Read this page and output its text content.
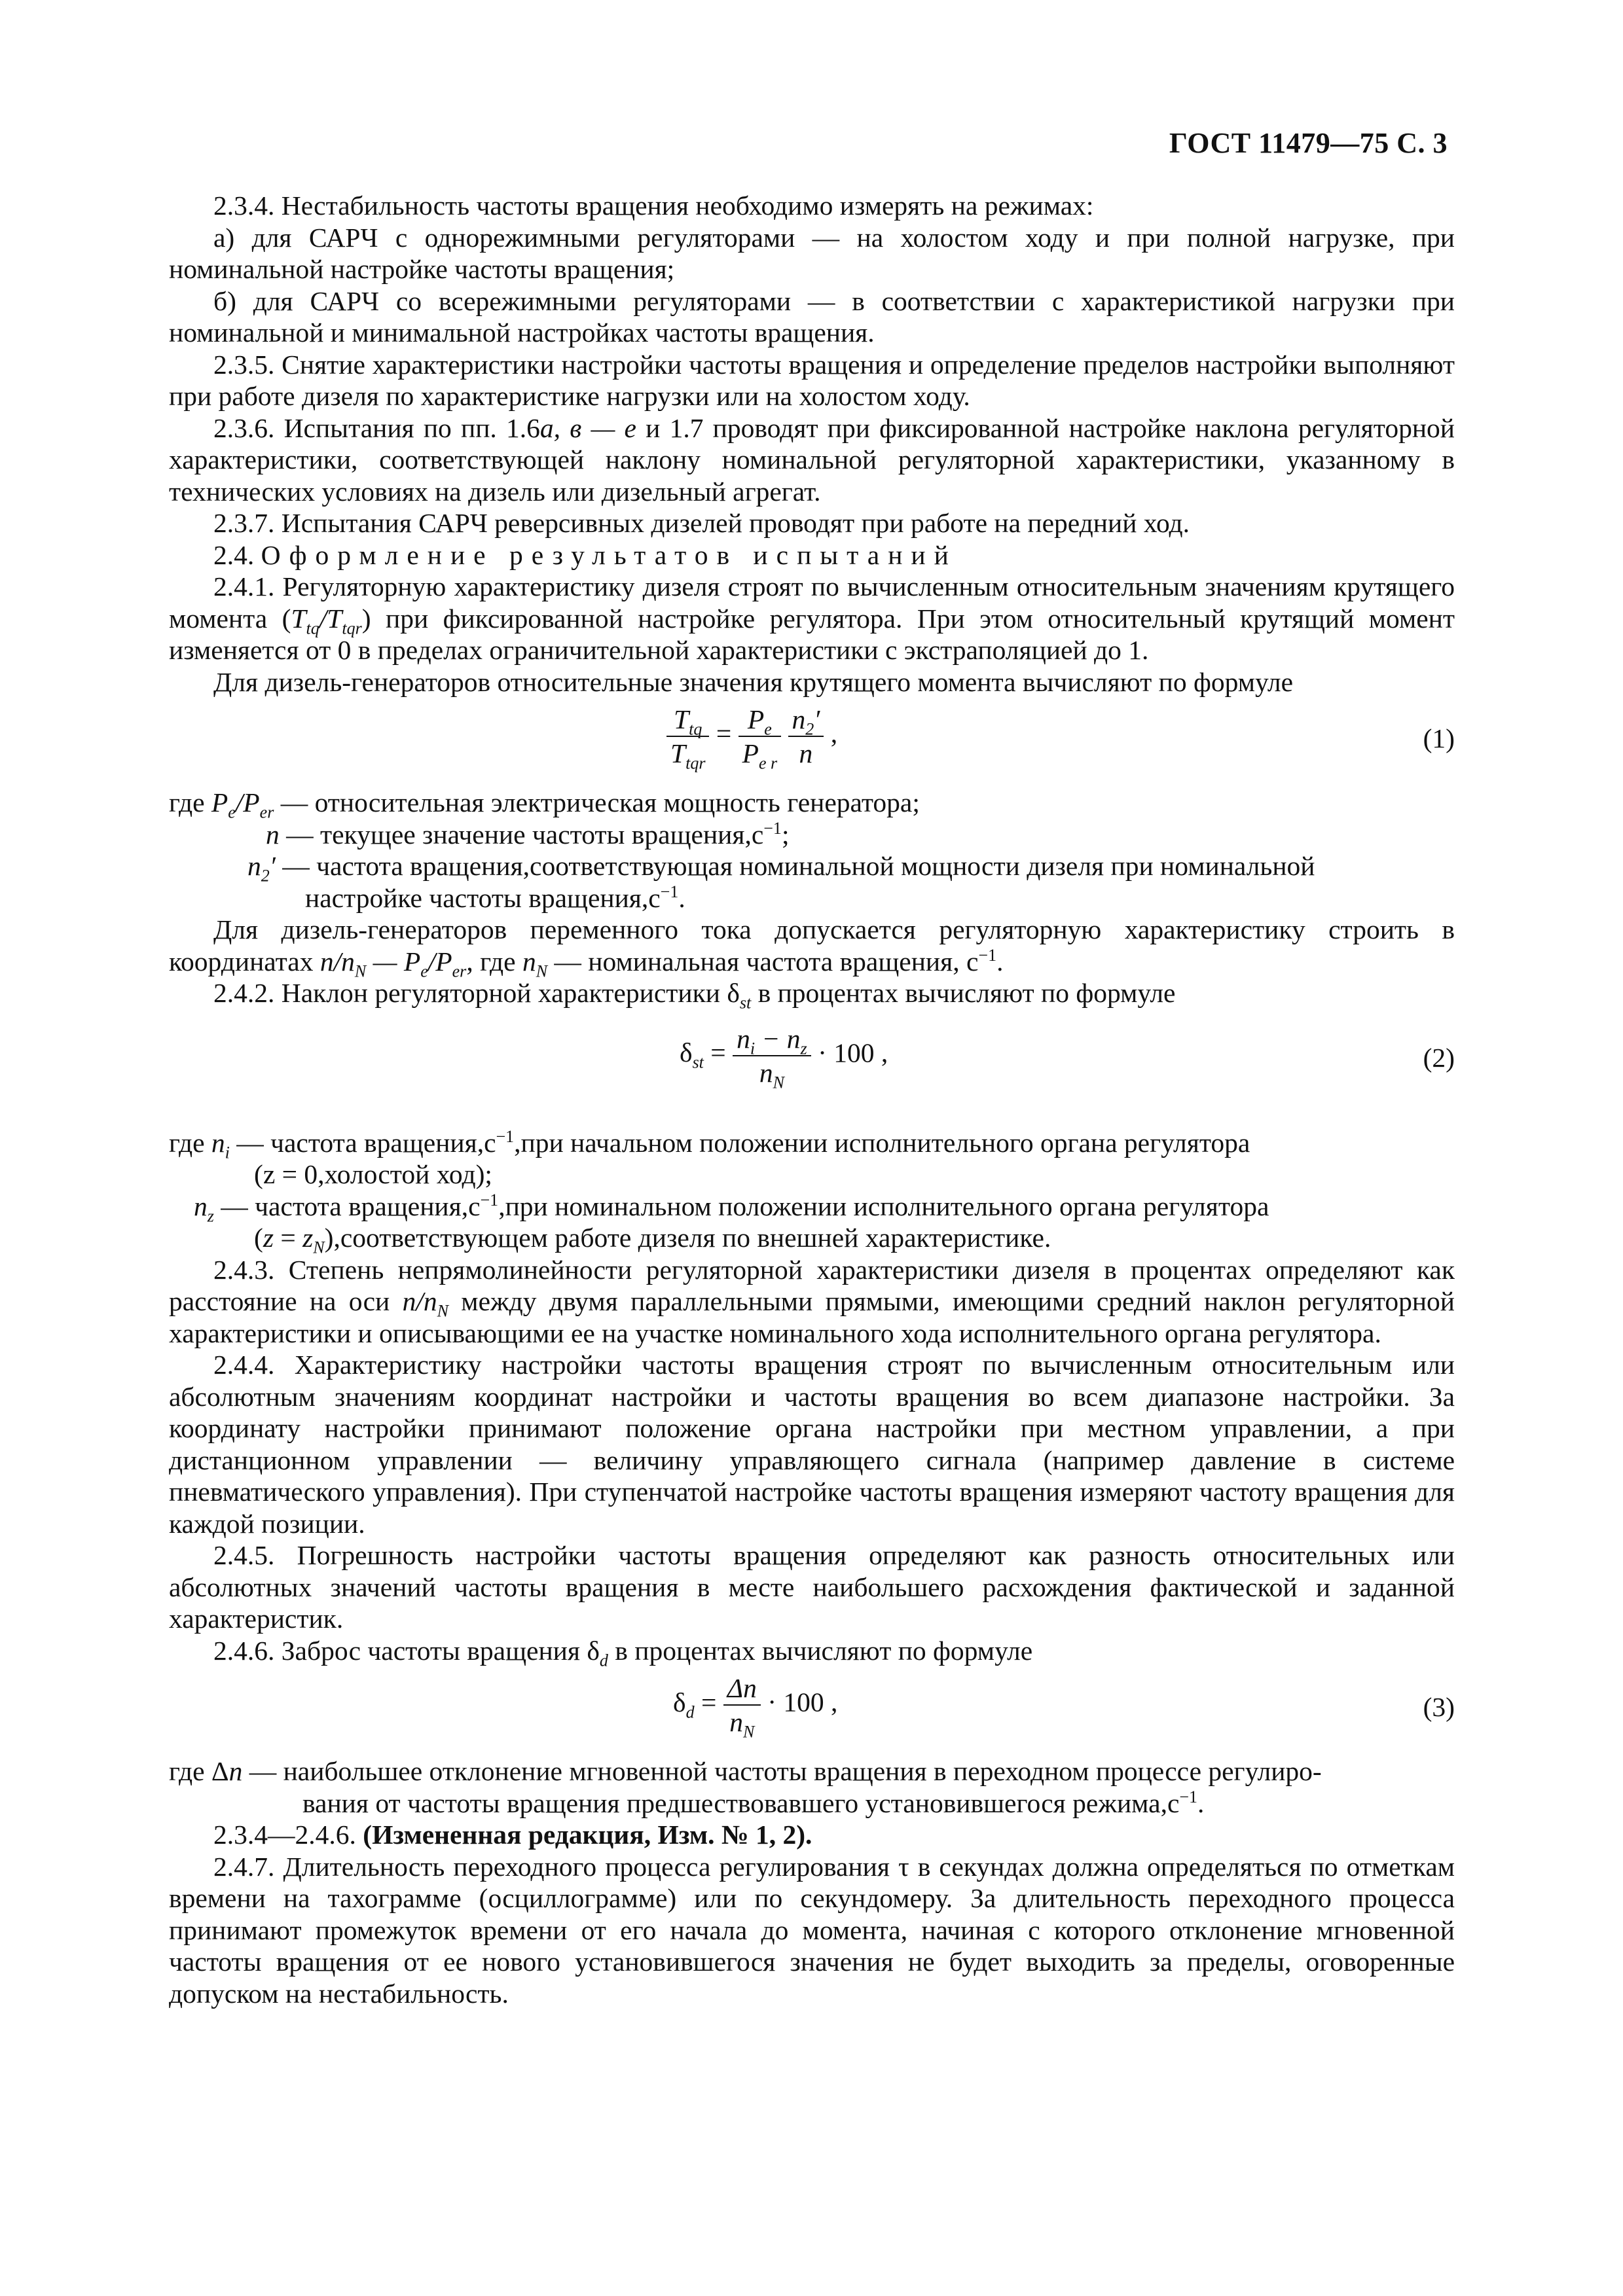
ГОСТ 11479—75 С. 3

2.3.4. Нестабильность частоты вращения необходимо измерять на режимах:

а) для САРЧ с однорежимными регуляторами — на холостом ходу и при полной нагрузке, при номинальной настройке частоты вращения;

б) для САРЧ со всережимными регуляторами — в соответствии с характеристикой нагрузки при номинальной и минимальной настройках частоты вращения.

2.3.5. Снятие характеристики настройки частоты вращения и определение пределов настройки выполняют при работе дизеля по характеристике нагрузки или на холостом ходу.

2.3.6. Испытания по пп. 1.6а, в — е и 1.7 проводят при фиксированной настройке наклона регуляторной характеристики, соответствующей наклону номинальной регуляторной характеристики, указанному в технических условиях на дизель или дизельный агрегат.

2.3.7. Испытания САРЧ реверсивных дизелей проводят при работе на передний ход.

2.4. Оформление результатов испытаний

2.4.1. Регуляторную характеристику дизеля строят по вычисленным относительным значениям крутящего момента $(T_{tq}/T_{tqr})$ при фиксированной настройке регулятора. При этом относительный крутящий момент изменяется от 0 в пределах ограничительной характеристики с экстраполяцией до 1.

Для дизель-генераторов относительные значения крутящего момента вычисляют по формуле

$\frac{T_{tq}}{T_{tqr}} = \frac{P_e}{P_{e r}}$
$\frac{n_2'}{n}$ ,	(1)

где $P_e/P_{er}$ — относительная электрическая мощность генератора;

n — текущее значение частоты $вращения,с^{-1}$;

$n_2'$ — частота вращения,соответствующая номинальной мощности дизеля при номинальной

настройке частоты $вращения,с^{-1}$.

Для дизель-генераторов переменного тока допускается регуляторную характеристику строить в координатах $n/n_N$ — $P_e/P_{er}$, где $n_N$ — номинальная частота вращения, $с^{-1}$.

2.4.2. Наклон регуляторной характеристики $\delta_{st}$ в процентах вычисляют по формуле

$\delta_{st} = \frac{n_i - n_z}{n_N} \cdot 100$ ,	(2)

где $n_i$ — частота $вращения,с^{-1},при$ начальном положении исполнительного органа регулятора

(z = 0,холостой ход);

$n_z$ — частота $вращения,с^{-1},при$ номинальном положении исполнительного органа регулятора

$(z = z_N),соответствующем$ работе дизеля по внешней характеристике.

2.4.3. Степень непрямолинейности регуляторной характеристики дизеля в процентах определяют как расстояние на оси $n/n_N$ между двумя параллельными прямыми, имеющими средний наклон регуляторной характеристики и описывающими ее на участке номинального хода исполнительного органа регулятора.

2.4.4. Характеристику настройки частоты вращения строят по вычисленным относительным или абсолютным значениям координат настройки и частоты вращения во всем диапазоне настройки. За координату настройки принимают положение органа настройки при местном управлении, а при дистанционном управлении — величину управляющего сигнала (например давление в системе пневматического управления). При ступенчатой настройке частоты вращения измеряют частоту вращения для каждой позиции.

2.4.5. Погрешность настройки частоты вращения определяют как разность относительных или абсолютных значений частоты вращения в месте наибольшего расхождения фактической и заданной характеристик.

2.4.6. Заброс частоты вращения $\delta_d$ в процентах вычисляют по формуле

$\delta_d = \frac{\Delta n}{n_N} \cdot 100$ ,	(3)

где Δn — наибольшее отклонение мгновенной частоты вращения в переходном процессе регулиро-

вания от частоты вращения предшествовавшего установившегося $режима,с^{-1}$.

2.3.4—2.4.6. (Измененная редакция, Изм. № 1, 2).

2.4.7. Длительность переходного процесса регулирования τ в секундах должна определяться по отметкам времени на тахограмме (осциллограмме) или по секундомеру. За длительность переходного процесса принимают промежуток времени от его начала до момента, начиная с которого отклонение мгновенной частоты вращения от ее нового установившегося значения не будет выходить за пределы, оговоренные допуском на нестабильность.
